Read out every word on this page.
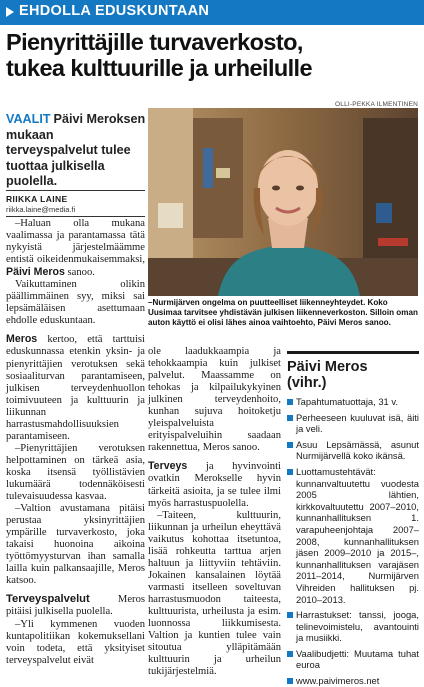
EHDOLLA EDUSKUNTAAN
Pienyrittäjille turvaverkosto,
tukea kulttuurille ja urheilulle
VAALIT Päivi Meroksen mukaan terveyspalvelut tulee tuottaa julkisella puolella.
RIIKKA LAINE
riikka.laine@media.fi
OLLI-PEKKA ILMENTINEN
–Nurmijärven ongelma on puutteelliset liikenneyhteydet. Koko Uusimaa tarvitsee yhdistävän julkisen liikenneverkoston. Silloin oman auton käyttö ei olisi lähes ainoa vaihtoehto, Päivi Meros sanoo.

–Haluan olla mukana vaalimassa ja parantamassa tätä nykyistä järjestelmäämme entistä oikeidenmukaisemmaksi, Päivi Meros sanoo.

Vaikuttaminen olikin päällimmäinen syy, miksi sai lepsämäläisen asettumaan ehdolle eduskuntaan.

Meros kertoo, että tarttuisi eduskunnassa etenkin yksin- ja pienyrittäjien verotuksen sekä sosiaaliturvan parantamiseen, julkisen terveydenhuollon toimivuuteen ja kulttuurin ja liikunnan harrastusmahdollisuuksien parantamiseen.

–Pienyrittäjien verotuksen helpottaminen on tärkeä asia, koska itsensä työllistävien lukumäärä todennäköisesti tulevaisuudessa kasvaa.

–Valtion avustamana pitäisi perustaa yksinyrittäjien ympärille turvaverkosto, joka takaisi huonoina aikoina työttömyysturvan ihan samalla lailla kuin palkansaajille, Meros katsoo.

Terveyspalvelut	Meros pitäisi julkisella puolella.

–Yli kymmenen vuoden kuntapolitiikan kokemuksellani voin todeta, että yksityiset terveyspalvelut eivät

ole laadukkaampia ja tehokkaampia kuin julkiset palvelut. Maassamme on tehokas ja kilpailukykyinen julkinen terveydenhoito, kunhan sujuva hoitoketju yleispalveluista erityispalveluihin saadaan rakennettua, Meros sanoo.

Terveys ja hyvinvointi ovatkin Merokselle hyvin tärkeitä asioita, ja se tulee ilmi myös harrastuspuolella.

–Taiteen, kulttuurin, liikunnan ja urheilun eheyttävä vaikutus kohottaa itsetuntoa, lisää rohkeutta tarttua arjen haltuun ja liittyviin tehtäviin. Jokainen kansalainen löytää varmasti itselleen soveltuvan harrastusmuodon taiteesta, kulttuurista, urheilusta ja esim. luonnossa liikkumisesta. Valtion ja kuntien tulee vain sitoutua ylläpitämään kulttuurin ja urheilun tukijärjestelmiä.

Päivi Meros
(vihr.)
Tapahtumatuottaja, 31 v.
Perheeseen kuuluvat isä, äiti ja veli.
Asuu Lepsämässä, asunut Nurmijärvellä koko ikänsä.
Luottamustehtävät: kunnanvaltuutettu vuodesta 2005 lähtien, kirkkovaltuutettu 2007–2010, kunnanhallituksen 1. varapuheenjohtaja 2007–2008, kunnanhallituksen jäsen 2009–2010 ja 2015–, kunnanhallituksen varajäsen 2011–2014, Nurmijärven Vihreiden hallituksen pj. 2010–2013.
Harrastukset: tanssi, jooga, telinevoimistelu, avantouinti ja musiikki.
Vaalibudjetti: Muutama tuhat euroa
www.paivimeros.net
